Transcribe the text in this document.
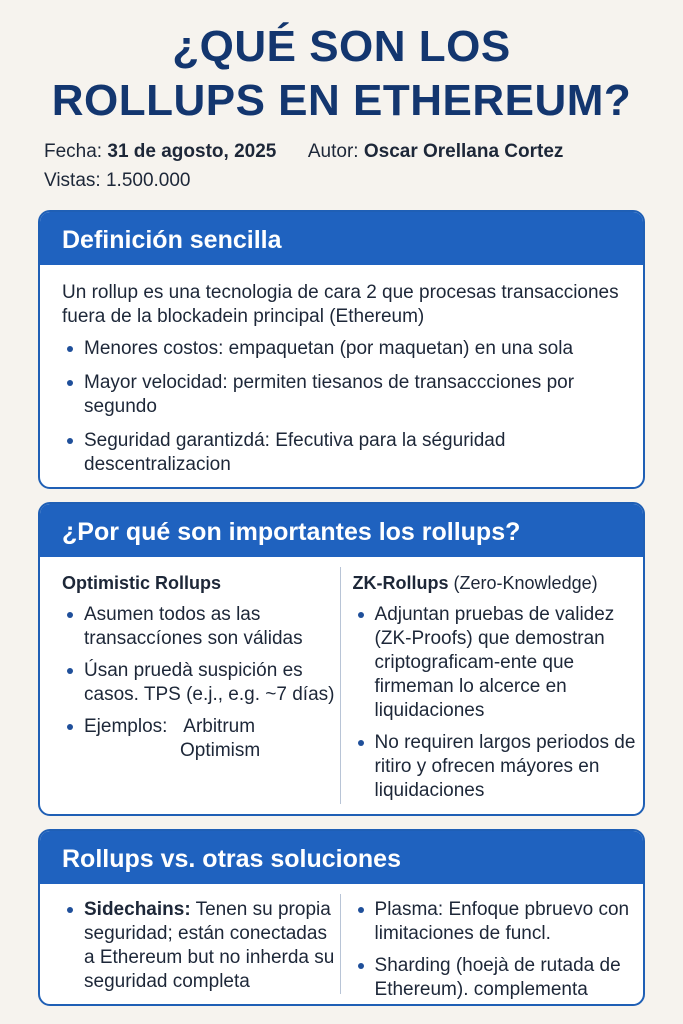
¿QUÉ SON LOS
ROLLUPS EN ETHEREUM?
Fecha: 31 de agosto, 2025 Autor: Oscar Orellana Cortez
Vistas: 1.500.000
Definición sencilla

Un rollup es una tecnologia de cara 2 que procesas transacciones fuera de la blockadein principal (Ethereum)

Menores costos: empaquetan (por maquetan) en una sola
Mayor velocidad: permiten tiesanos de transaccciones por segundo
Seguridad garantizdá: Efecutiva para la séguridad descentralizacion
¿Por qué son importantes los rollups?
Optimistic Rollups
Asumen todos as las transaccíones son válidas
Úsan pruedà suspición es casos. TPS (e.j., e.g. ~7 días)
Ejemplos: Arbitrum
Optimism
ZK-Rollups (Zero-Knowledge)
Adjuntan pruebas de validez (ZK-Proofs) que demostran criptograficam-ente que firmeman lo alcerce en liquidaciones
No requiren largos periodos de ritiro y ofrecen máyores en liquidaciones
Rollups vs. otras soluciones
Sidechains: Tenen su propia seguridad; están conectadas a Ethereum but no inherda su seguridad completa
Plasma: Enfoque pbruevo con limitaciones de funcl.
Sharding (hoejà de rutada de Ethereum). complementa
